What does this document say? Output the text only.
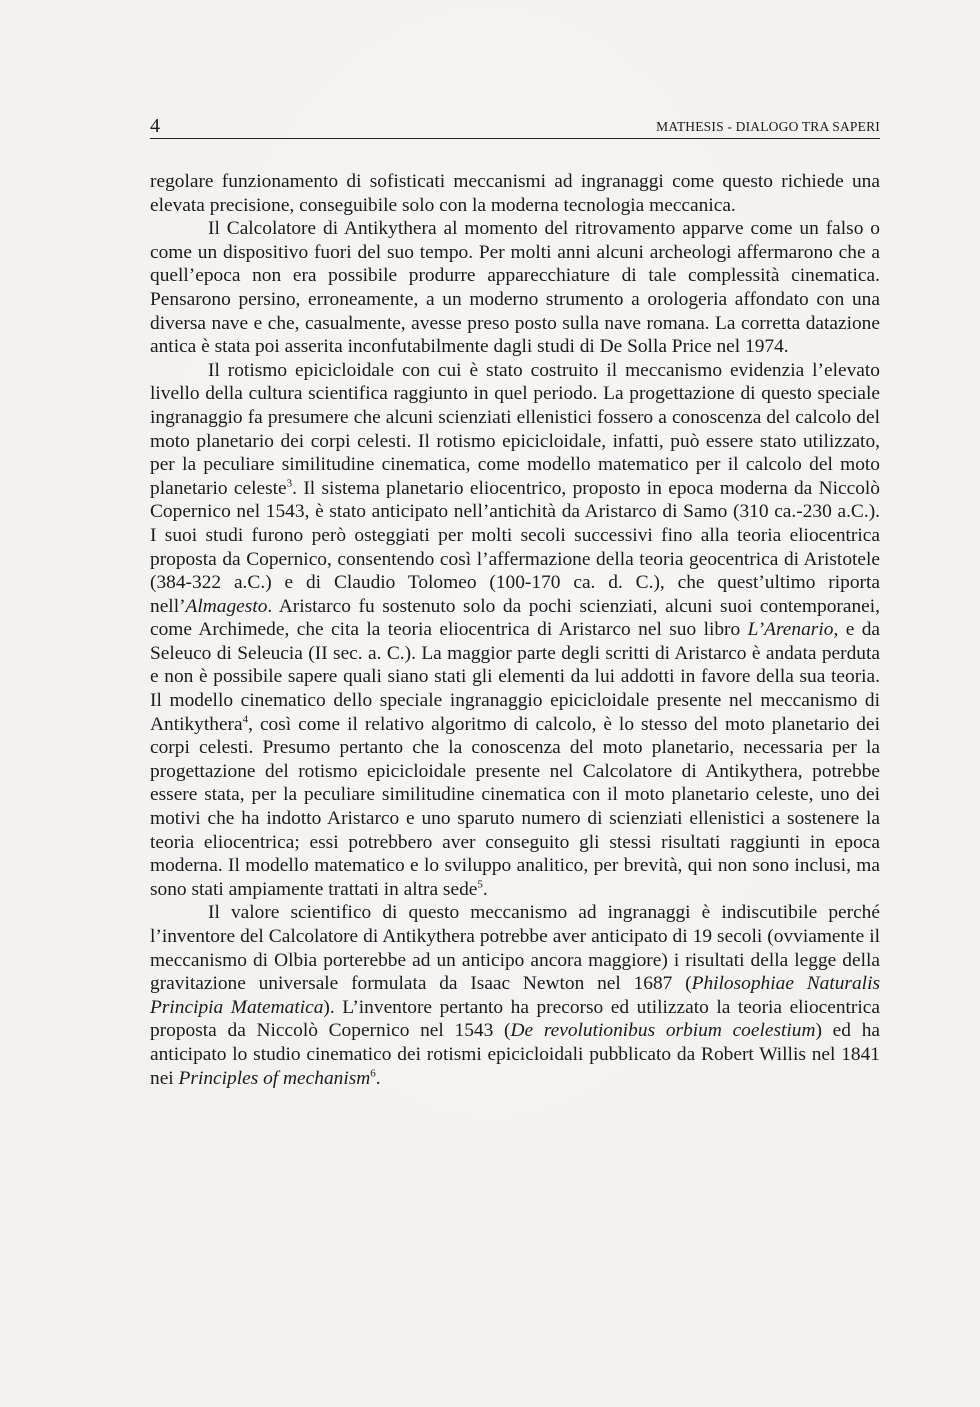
4	MATHESIS - DIALOGO TRA SAPERI

regolare funzionamento di sofisticati meccanismi ad ingranaggi come questo richiede una elevata precisione, conseguibile solo con la moderna tecnologia meccanica.

Il Calcolatore di Antikythera al momento del ritrovamento apparve come un falso o come un dispositivo fuori del suo tempo. Per molti anni alcuni archeologi affermarono che a quell’epoca non era possibile produrre apparecchiature di tale complessità cinematica. Pensarono persino, erroneamente, a un moderno strumento a orologeria affondato con una diversa nave e che, casualmente, avesse preso posto sulla nave romana. La corretta datazione antica è stata poi asserita inconfutabilmente dagli studi di De Solla Price nel 1974.

Il rotismo epicicloidale con cui è stato costruito il meccanismo evidenzia l’elevato livello della cultura scientifica raggiunto in quel periodo. La progettazione di questo speciale ingranaggio fa presumere che alcuni scienziati ellenistici fossero a conoscenza del calcolo del moto planetario dei corpi celesti. Il rotismo epicicloidale, infatti, può essere stato utilizzato, per la peculiare similitudine cinematica, come modello matematico per il calcolo del moto planetario celeste$^3$. Il sistema planetario eliocentrico, proposto in epoca moderna da Niccolò Copernico nel 1543, è stato anticipato nell’antichità da Aristarco di Samo (310 ca.-230 a.C.). I suoi studi furono però osteggiati per molti secoli successivi fino alla teoria eliocentrica proposta da Copernico, consentendo così l’affermazione della teoria geocentrica di Aristotele (384-322 a.C.) e di Claudio Tolomeo (100-170 ca. d. C.), che quest’ultimo riporta nell’Almagesto. Aristarco fu sostenuto solo da pochi scienziati, alcuni suoi contemporanei, come Archimede, che cita la teoria eliocentrica di Aristarco nel suo libro L’Arenario, e da Seleuco di Seleucia (II sec. a. C.). La maggior parte degli scritti di Aristarco è andata perduta e non è possibile sapere quali siano stati gli elementi da lui addotti in favore della sua teoria. Il modello cinematico dello speciale ingranaggio epicicloidale presente nel meccanismo di Antikythera$^4$, così come il relativo algoritmo di calcolo, è lo stesso del moto planetario dei corpi celesti. Presumo pertanto che la conoscenza del moto planetario, necessaria per la progettazione del rotismo epicicloidale presente nel Calcolatore di Antikythera, potrebbe essere stata, per la peculiare similitudine cinematica con il moto planetario celeste, uno dei motivi che ha indotto Aristarco e uno sparuto numero di scienziati ellenistici a sostenere la teoria eliocentrica; essi potrebbero aver conseguito gli stessi risultati raggiunti in epoca moderna. Il modello matematico e lo sviluppo analitico, per brevità, qui non sono inclusi, ma sono stati ampiamente trattati in altra sede$^5$.

Il valore scientifico di questo meccanismo ad ingranaggi è indiscutibile perché l’inventore del Calcolatore di Antikythera potrebbe aver anticipato di 19 secoli (ovviamente il meccanismo di Olbia porterebbe ad un anticipo ancora maggiore) i risultati della legge della gravitazione universale formulata da Isaac Newton nel 1687 (Philosophiae Naturalis Principia Matematica). L’inventore pertanto ha precorso ed utilizzato la teoria eliocentrica proposta da Niccolò Copernico nel 1543 (De revolutionibus orbium coelestium) ed ha anticipato lo studio cinematico dei rotismi epicicloidali pubblicato da Robert Willis nel 1841 nei Principles of mechanism$^6$.
